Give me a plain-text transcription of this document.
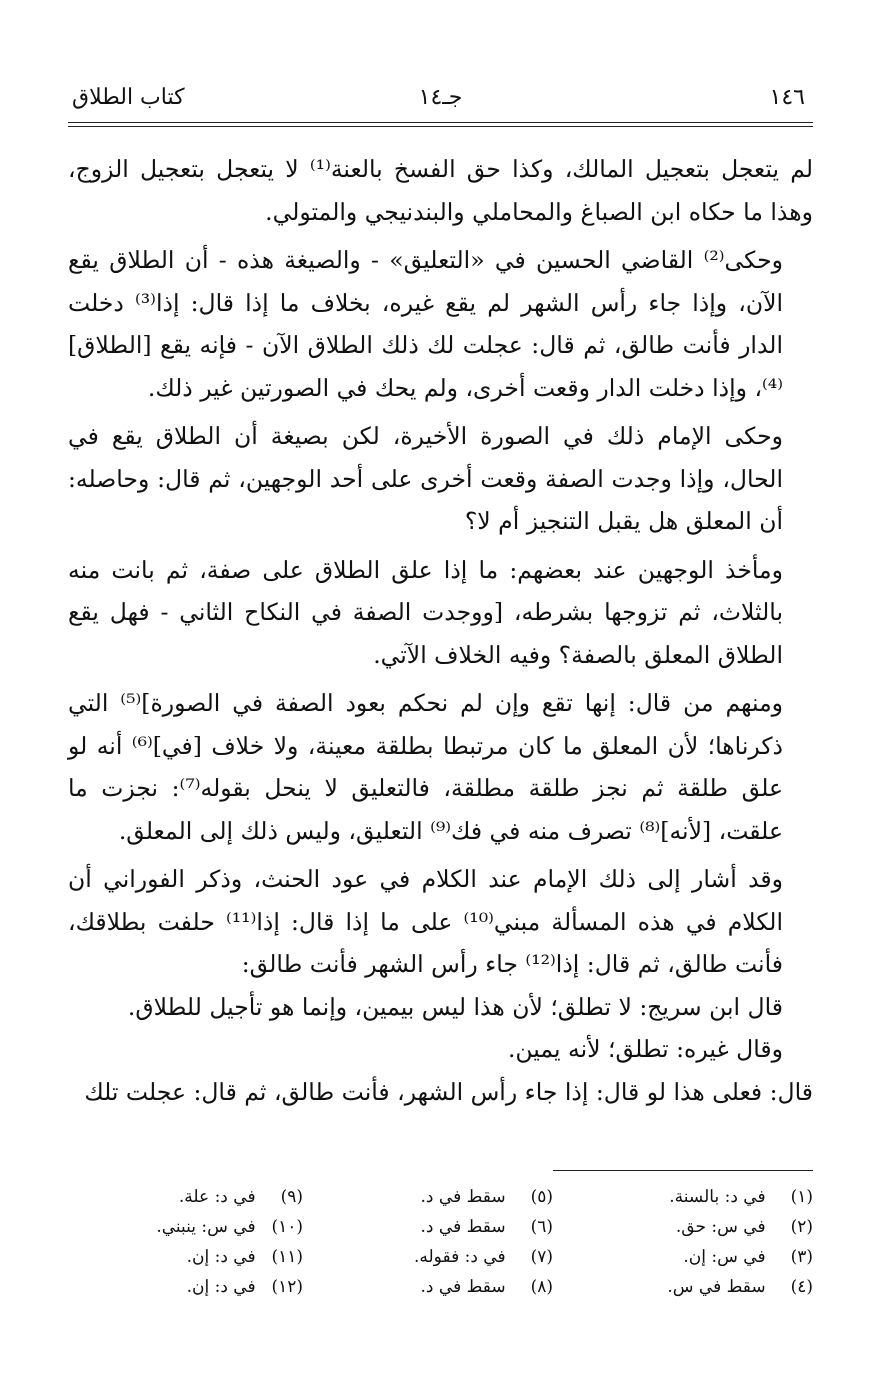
١٤٦
جـ١٤
كتاب الطلاق

لم يتعجل بتعجيل المالك، وكذا حق الفسخ بالعنة⁽¹⁾ لا يتعجل بتعجيل الزوج، وهذا ما حكاه ابن الصباغ والمحاملي والبندنيجي والمتولي.

وحكى⁽²⁾ القاضي الحسين في «التعليق» - والصيغة هذه - أن الطلاق يقع الآن، وإذا جاء رأس الشهر لم يقع غيره، بخلاف ما إذا قال: إذا⁽³⁾ دخلت الدار فأنت طالق، ثم قال: عجلت لك ذلك الطلاق الآن - فإنه يقع [الطلاق]⁽⁴⁾، وإذا دخلت الدار وقعت أخرى، ولم يحك في الصورتين غير ذلك.

وحكى الإمام ذلك في الصورة الأخيرة، لكن بصيغة أن الطلاق يقع في الحال، وإذا وجدت الصفة وقعت أخرى على أحد الوجهين، ثم قال: وحاصله: أن المعلق هل يقبل التنجيز أم لا؟

ومأخذ الوجهين عند بعضهم: ما إذا علق الطلاق على صفة، ثم بانت منه بالثلاث، ثم تزوجها بشرطه، [ووجدت الصفة في النكاح الثاني - فهل يقع الطلاق المعلق بالصفة؟ وفيه الخلاف الآتي.

ومنهم من قال: إنها تقع وإن لم نحكم بعود الصفة في الصورة]⁽⁵⁾ التي ذكرناها؛ لأن المعلق ما كان مرتبطا بطلقة معينة، ولا خلاف [في]⁽⁶⁾ أنه لو علق طلقة ثم نجز طلقة مطلقة، فالتعليق لا ينحل بقوله⁽⁷⁾: نجزت ما علقت، [لأنه]⁽⁸⁾ تصرف منه في فك⁽⁹⁾ التعليق، وليس ذلك إلى المعلق.

وقد أشار إلى ذلك الإمام عند الكلام في عود الحنث، وذكر الفوراني أن الكلام في هذه المسألة مبني⁽¹⁰⁾ على ما إذا قال: إذا⁽¹¹⁾ حلفت بطلاقك، فأنت طالق، ثم قال: إذا⁽¹²⁾ جاء رأس الشهر فأنت طالق:

قال ابن سريج: لا تطلق؛ لأن هذا ليس بيمين، وإنما هو تأجيل للطلاق.

وقال غيره: تطلق؛ لأنه يمين.

قال: فعلى هذا لو قال: إذا جاء رأس الشهر، فأنت طالق، ثم قال: عجلت تلك

(١) في د: بالسنة.
(٢) في س: حق.
(٣) في س: إن.
(٤) سقط في س.
(٥) سقط في د.
(٦) سقط في د.
(٧) في د: فقوله.
(٨) سقط في د.
(٩) في د: علة.
(١٠) في س: ينبني.
(١١) في د: إن.
(١٢) في د: إن.
